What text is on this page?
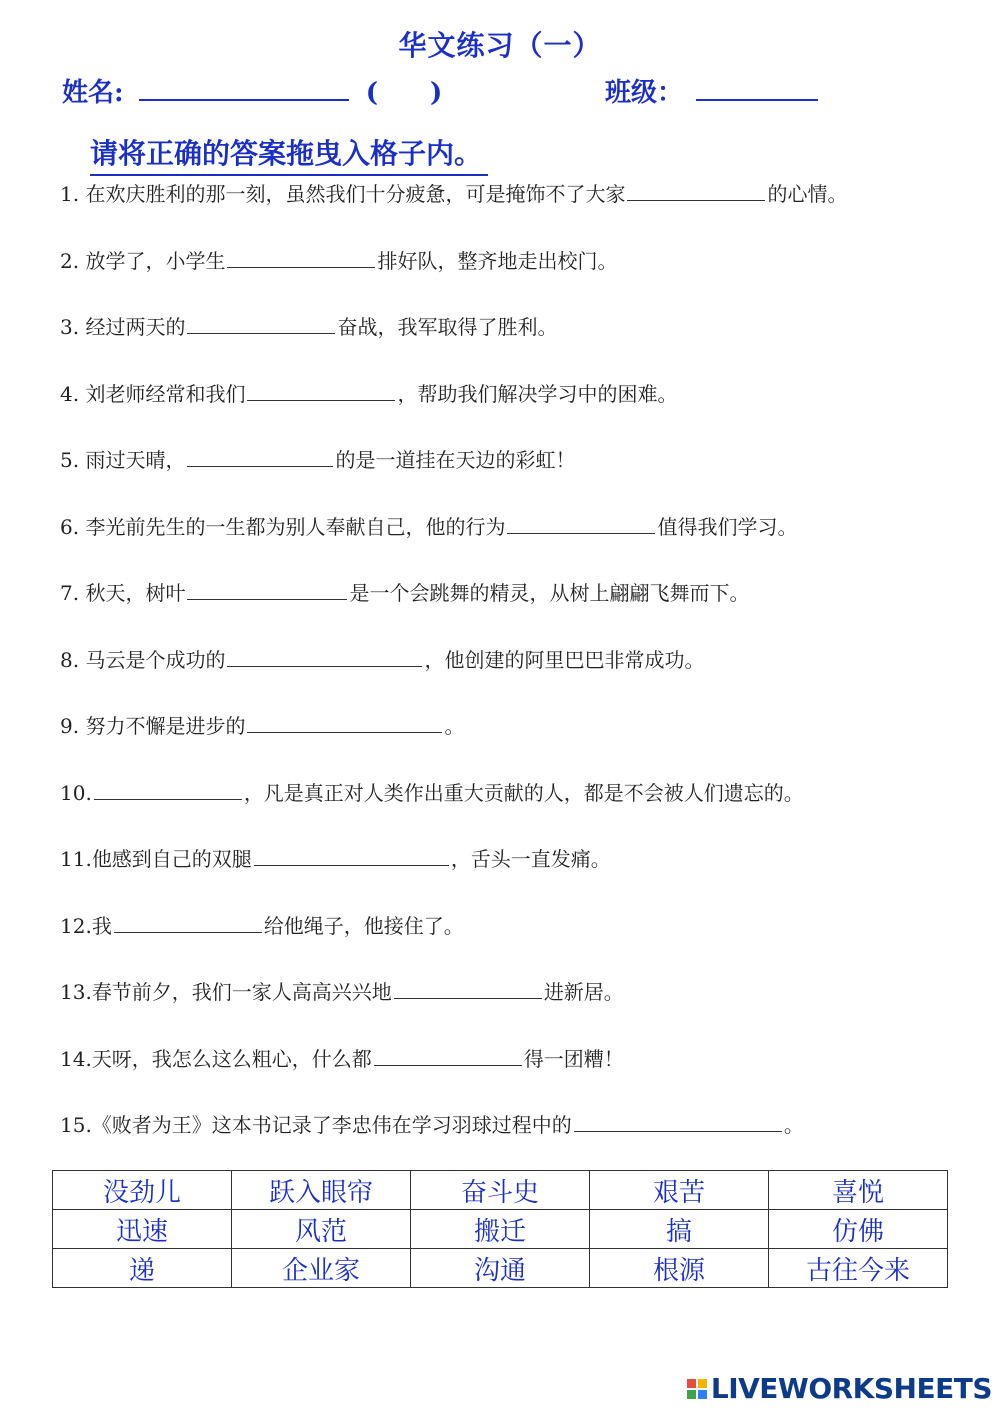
华文练习（一）
姓名:	(　　)	班级：
请将正确的答案拖曳入格子内。
1. 在欢庆胜利的那一刻，虽然我们十分疲惫，可是掩饰不了大家	的心情。
2. 放学了，小学生	排好队，整齐地走出校门。
3. 经过两天的	奋战，我军取得了胜利。
4. 刘老师经常和我们	，帮助我们解决学习中的困难。
5. 雨过天晴，	的是一道挂在天边的彩虹！
6. 李光前先生的一生都为别人奉献自己，他的行为	值得我们学习。
7. 秋天，树叶	是一个会跳舞的精灵，从树上翩翩飞舞而下。
8. 马云是个成功的	，他创建的阿里巴巴非常成功。
9. 努力不懈是进步的	。
10.	，凡是真正对人类作出重大贡献的人，都是不会被人们遗忘的。
11.他感到自己的双腿	，舌头一直发痛。
12.我	给他绳子，他接住了。
13.春节前夕，我们一家人高高兴兴地	进新居。
14.天呀，我怎么这么粗心，什么都	得一团糟！
15.《败者为王》这本书记录了李忠伟在学习羽球过程中的	。
没劲儿	跃入眼帘	奋斗史	艰苦	喜悦
迅速	风范	搬迁	搞	仿佛
递	企业家	沟通	根源	古往今来
LIVEWORKSHEETS
